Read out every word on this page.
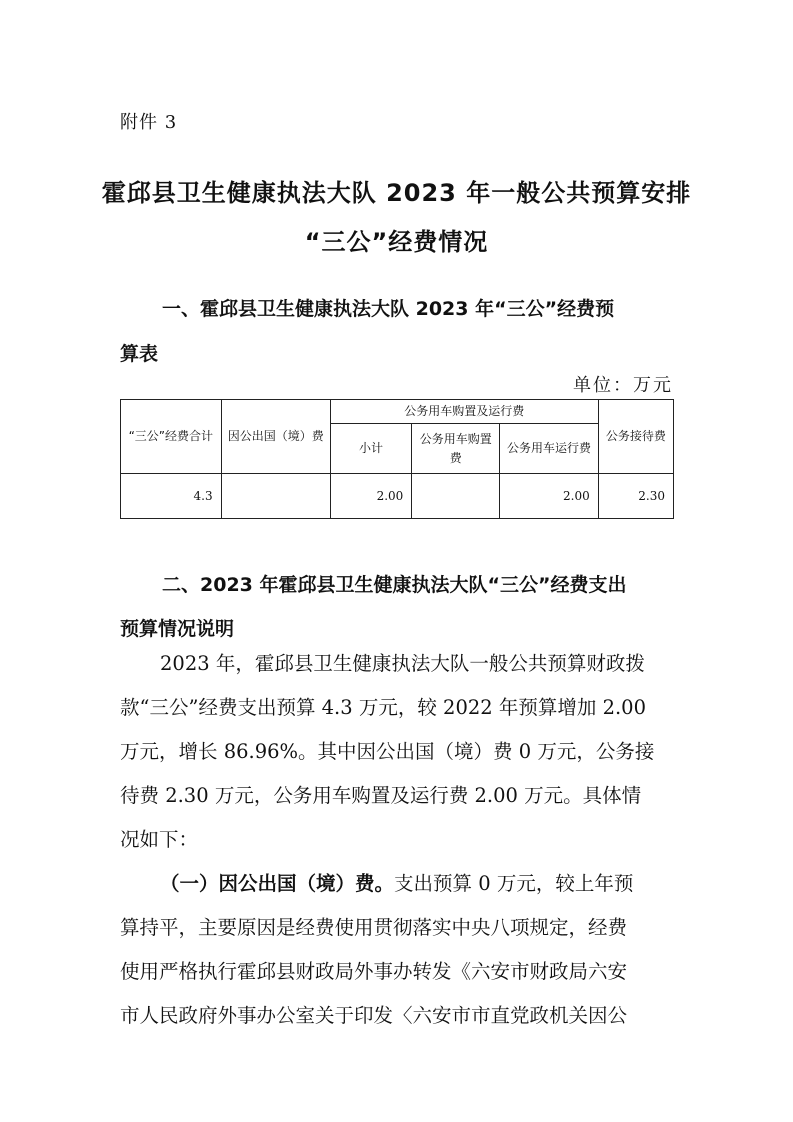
附件 3
霍邱县卫生健康执法大队 2023 年一般公共预算安排
“三公”经费情况
一、霍邱县卫生健康执法大队 2023 年“三公”经费预
算表
单位：万元
“三公”经费合计	因公出国（境）费	公务用车购置及运行费			公务接待费
		小计	公务用车购置费	公务用车运行费	
4.3		2.00		2.00	2.30
二、2023 年霍邱县卫生健康执法大队“三公”经费支出
预算情况说明
2023 年，霍邱县卫生健康执法大队一般公共预算财政拨
款“三公”经费支出预算 4.3 万元，较 2022 年预算增加 2.00
万元，增长 86.96%。其中因公出国（境）费 0 万元，公务接
待费 2.30 万元，公务用车购置及运行费 2.00 万元。具体情
况如下：
（一）因公出国（境）费。支出预算 0 万元，较上年预
算持平，主要原因是经费使用贯彻落实中央八项规定，经费
使用严格执行霍邱县财政局外事办转发《六安市财政局六安
市人民政府外事办公室关于印发〈六安市市直党政机关因公
